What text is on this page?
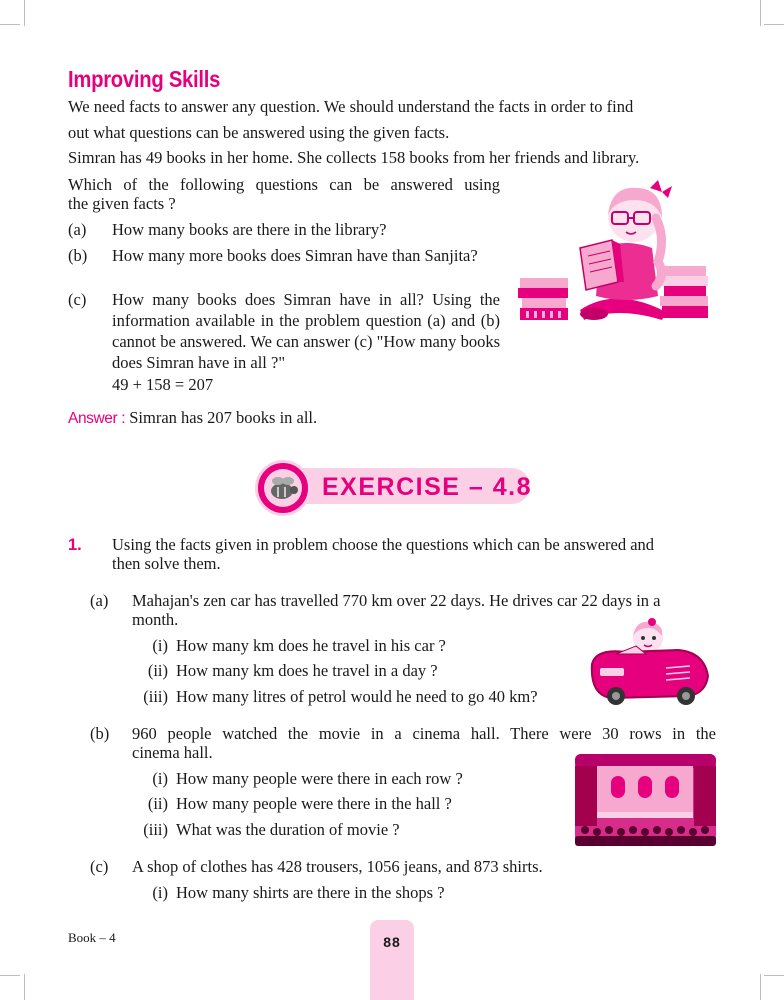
Improving Skills
We need facts to answer any question. We should understand the facts in order to find
out what questions can be answered using the given facts.
Simran has 49 books in her home. She collects 158 books from her friends and library.
Which of the following questions can be answered using
the given facts ?
(a) How many books are there in the library?
(b) How many more books does Simran have than Sanjita?
(c) How many books does Simran have in all? Using the information available in the problem question (a) and (b) cannot be answered. We can answer (c) "How many books does Simran have in all ?"
49 + 158 = 207
Answer : Simran has 207 books in all.
EXERCISE – 4.8
1. Using the facts given in problem choose the questions which can be answered and
then solve them.
(a) Mahajan's zen car has travelled 770 km over 22 days. He drives car 22 days in a
month.
(i) How many km does he travel in his car ?
(ii) How many km does he travel in a day ?
(iii) How many litres of petrol would he need to go 40 km?
(b) 960 people watched the movie in a cinema hall. There were 30 rows in the
cinema hall.
(i) How many people were there in each row ?
(ii) How many people were there in the hall ?
(iii) What was the duration of movie ?
(c) A shop of clothes has 428 trousers, 1056 jeans, and 873 shirts.
(i) How many shirts are there in the shops ?
Book – 4	88
